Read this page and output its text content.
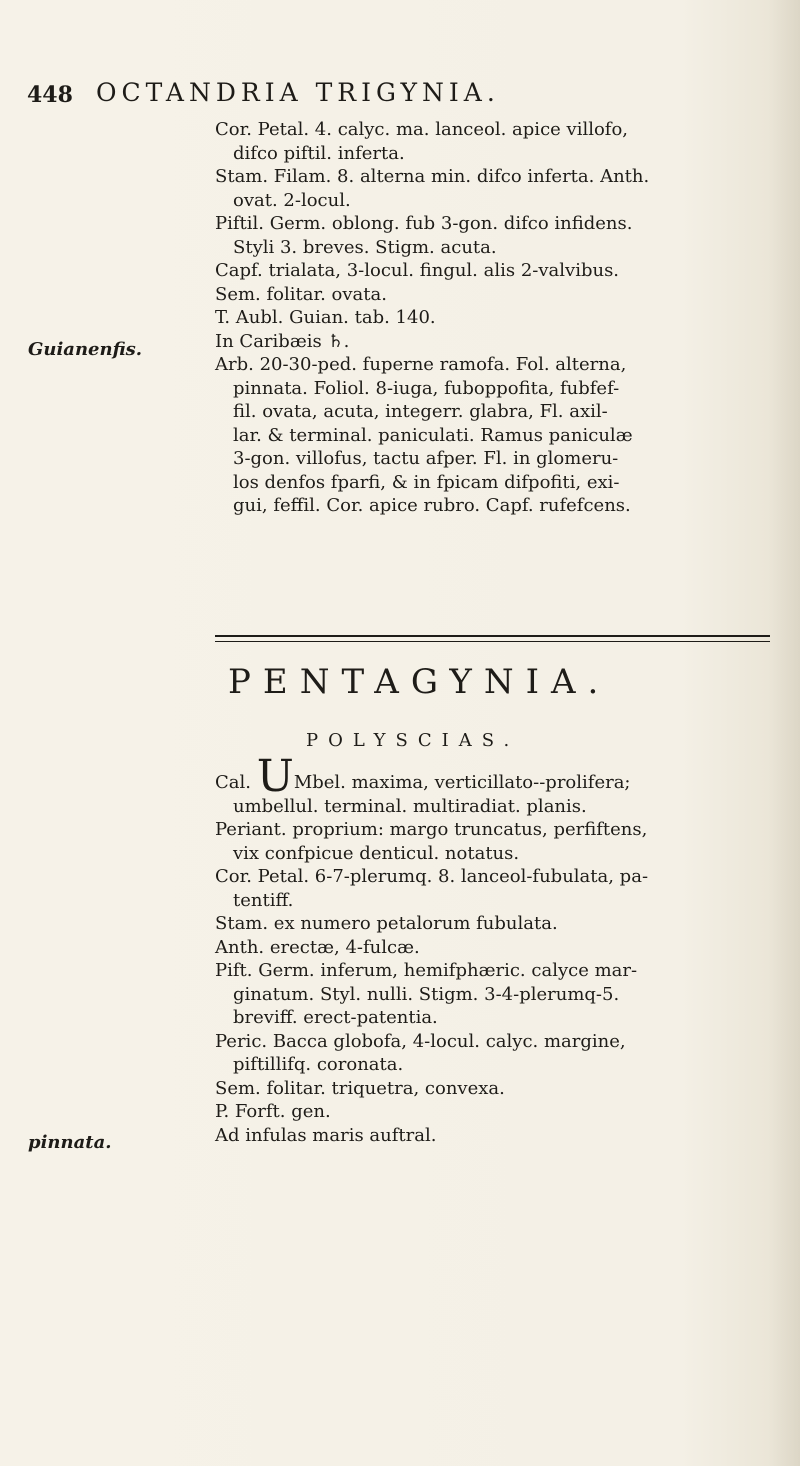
448 OCTANDRIA TRIGYNIA.
Guianenfis.
Cor. Petal. 4. calyc. ma. lanceol. apice villofo,
difco piftil. inferta.
Stam. Filam. 8. alterna min. difco inferta. Anth.
ovat. 2-locul.
Piftil. Germ. oblong. fub 3-gon. difco infidens.
Styli 3. breves. Stigm. acuta.
Capf. trialata, 3-locul. fingul. alis 2-valvibus.
Sem. folitar. ovata.
T. Aubl. Guian. tab. 140.
In Caribæis ♄.
Arb. 20-30-ped. fuperne ramofa. Fol. alterna,
pinnata. Foliol. 8-iuga, fuboppofita, fubfef-
fil. ovata, acuta, integerr. glabra, Fl. axil-
lar. & terminal. paniculati. Ramus paniculæ
3-gon. villofus, tactu afper. Fl. in glomeru-
los denfos fparfi, & in fpicam difpofiti, exi-
gui, feffil. Cor. apice rubro. Capf. rufefcens.
PENTAGYNIA.
POLYSCIAS.
Cal. UMbel. maxima, verticillato--prolifera;
umbellul. terminal. multiradiat. planis.
Periant. proprium: margo truncatus, perfiftens,
vix confpicue denticul. notatus.
Cor. Petal. 6-7-plerumq. 8. lanceol-fubulata, pa-
tentiff.
Stam. ex numero petalorum fubulata.
Anth. erectæ, 4-fulcæ.
Pift. Germ. inferum, hemifphæric. calyce mar-
ginatum. Styl. nulli. Stigm. 3-4-plerumq-5.
breviff. erect-patentia.
Peric. Bacca globofa, 4-locul. calyc. margine,
piftillifq. coronata.
Sem. folitar. triquetra, convexa.
P. Forft. gen.
Ad infulas maris auftral.
pinnata.
